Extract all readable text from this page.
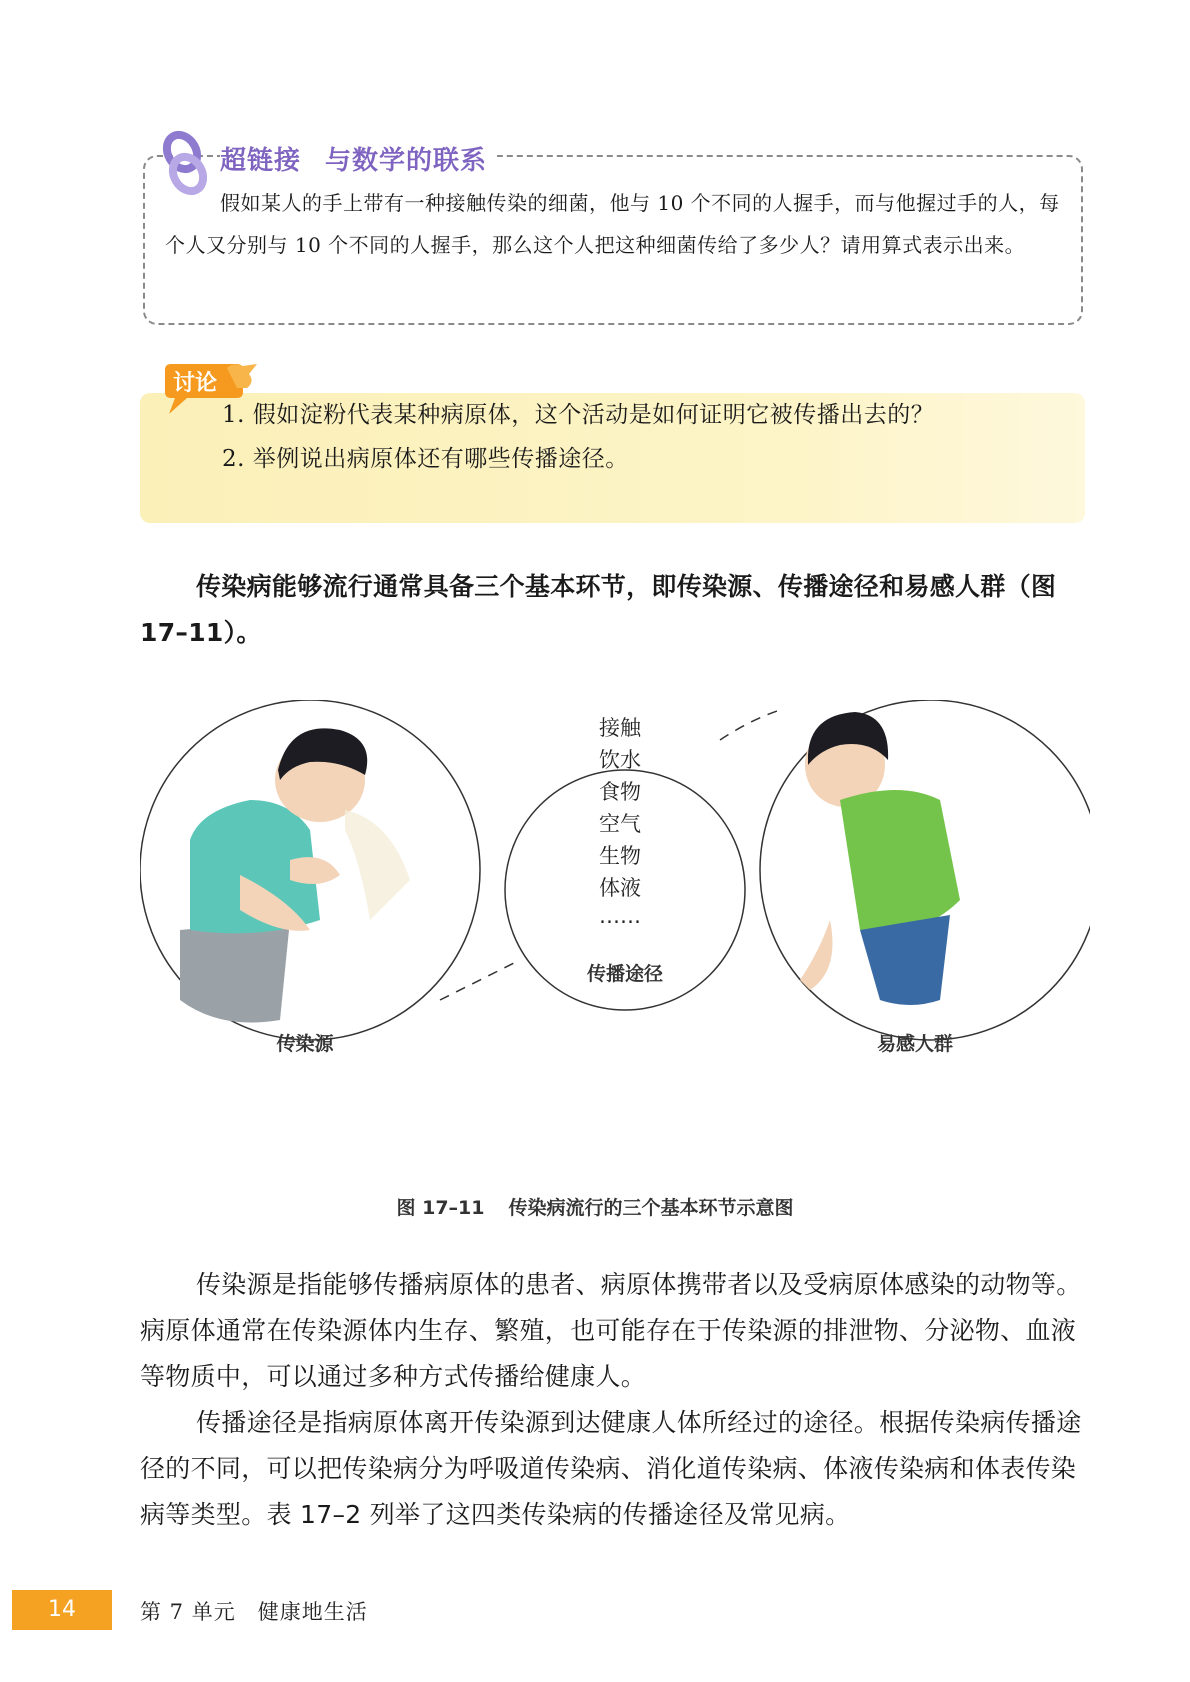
超链接 与数学的联系
假如某人的手上带有一种接触传染的细菌，他与 10 个不同的人握手，而与他握过手的人，每个人又分别与 10 个不同的人握手，那么这个人把这种细菌传给了多少人？请用算式表示出来。
讨论
1. 假如淀粉代表某种病原体，这个活动是如何证明它被传播出去的？
2. 举例说出病原体还有哪些传播途径。
传染病能够流行通常具备三个基本环节，即传染源、传播途径和易感人群（图 17–11）。
传染源
传播途径
易感人群
接触
饮水
食物
空气
生物
体液
……
图 17–11 传染病流行的三个基本环节示意图
传染源是指能够传播病原体的患者、病原体携带者以及受病原体感染的动物等。病原体通常在传染源体内生存、繁殖，也可能存在于传染源的排泄物、分泌物、血液等物质中，可以通过多种方式传播给健康人。
传播途径是指病原体离开传染源到达健康人体所经过的途径。根据传染病传播途径的不同，可以把传染病分为呼吸道传染病、消化道传染病、体液传染病和体表传染病等类型。表 17–2 列举了这四类传染病的传播途径及常见病。
14	第 7 单元 健康地生活
